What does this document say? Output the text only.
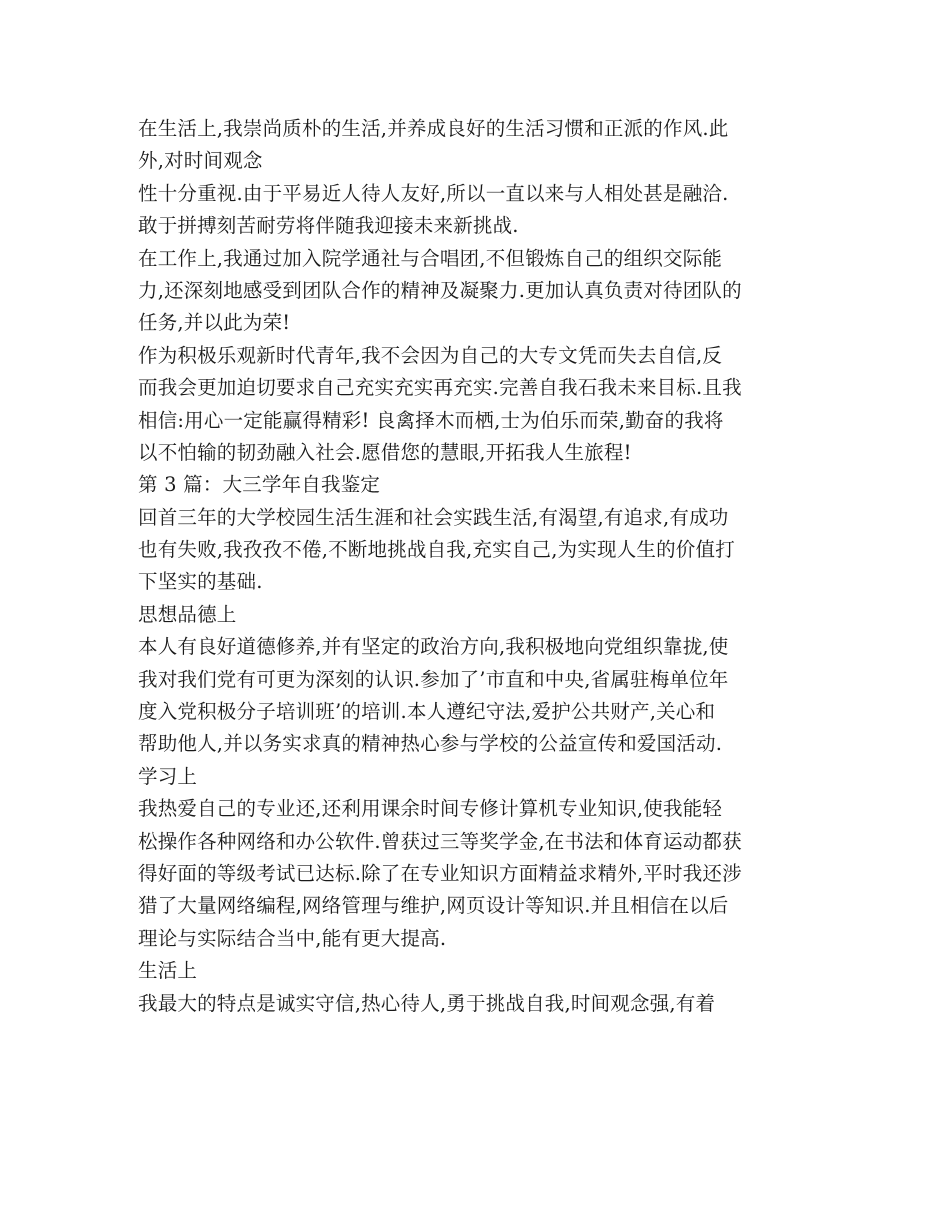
在生活上,我崇尚质朴的生活,并养成良好的生活习惯和正派的作风.此
外,对时间观念
性十分重视.由于平易近人待人友好,所以一直以来与人相处甚是融洽.
敢于拼搏刻苦耐劳将伴随我迎接未来新挑战.
在工作上,我通过加入院学通社与合唱团,不但锻炼自己的组织交际能
力,还深刻地感受到团队合作的精神及凝聚力.更加认真负责对待团队的
任务,并以此为荣!
作为积极乐观新时代青年,我不会因为自己的大专文凭而失去自信,反
而我会更加迫切要求自己充实充实再充实.完善自我石我未来目标.且我
相信:用心一定能赢得精彩! 良禽择木而栖,士为伯乐而荣,勤奋的我将
以不怕输的韧劲融入社会.愿借您的慧眼,开拓我人生旅程!
第 3 篇：大三学年自我鉴定
回首三年的大学校园生活生涯和社会实践生活,有渴望,有追求,有成功
也有失败,我孜孜不倦,不断地挑战自我,充实自己,为实现人生的价值打
下坚实的基础.
思想品德上
本人有良好道德修养,并有坚定的政治方向,我积极地向党组织靠拢,使
我对我们党有可更为深刻的认识.参加了’市直和中央,省属驻梅单位年
度入党积极分子培训班’的培训.本人遵纪守法,爱护公共财产,关心和
帮助他人,并以务实求真的精神热心参与学校的公益宣传和爱国活动.
学习上
我热爱自己的专业还,还利用课余时间专修计算机专业知识,使我能轻
松操作各种网络和办公软件.曾获过三等奖学金,在书法和体育运动都获
得好面的等级考试已达标.除了在专业知识方面精益求精外,平时我还涉
猎了大量网络编程,网络管理与维护,网页设计等知识.并且相信在以后
理论与实际结合当中,能有更大提高.
生活上
我最大的特点是诚实守信,热心待人,勇于挑战自我,时间观念强,有着
